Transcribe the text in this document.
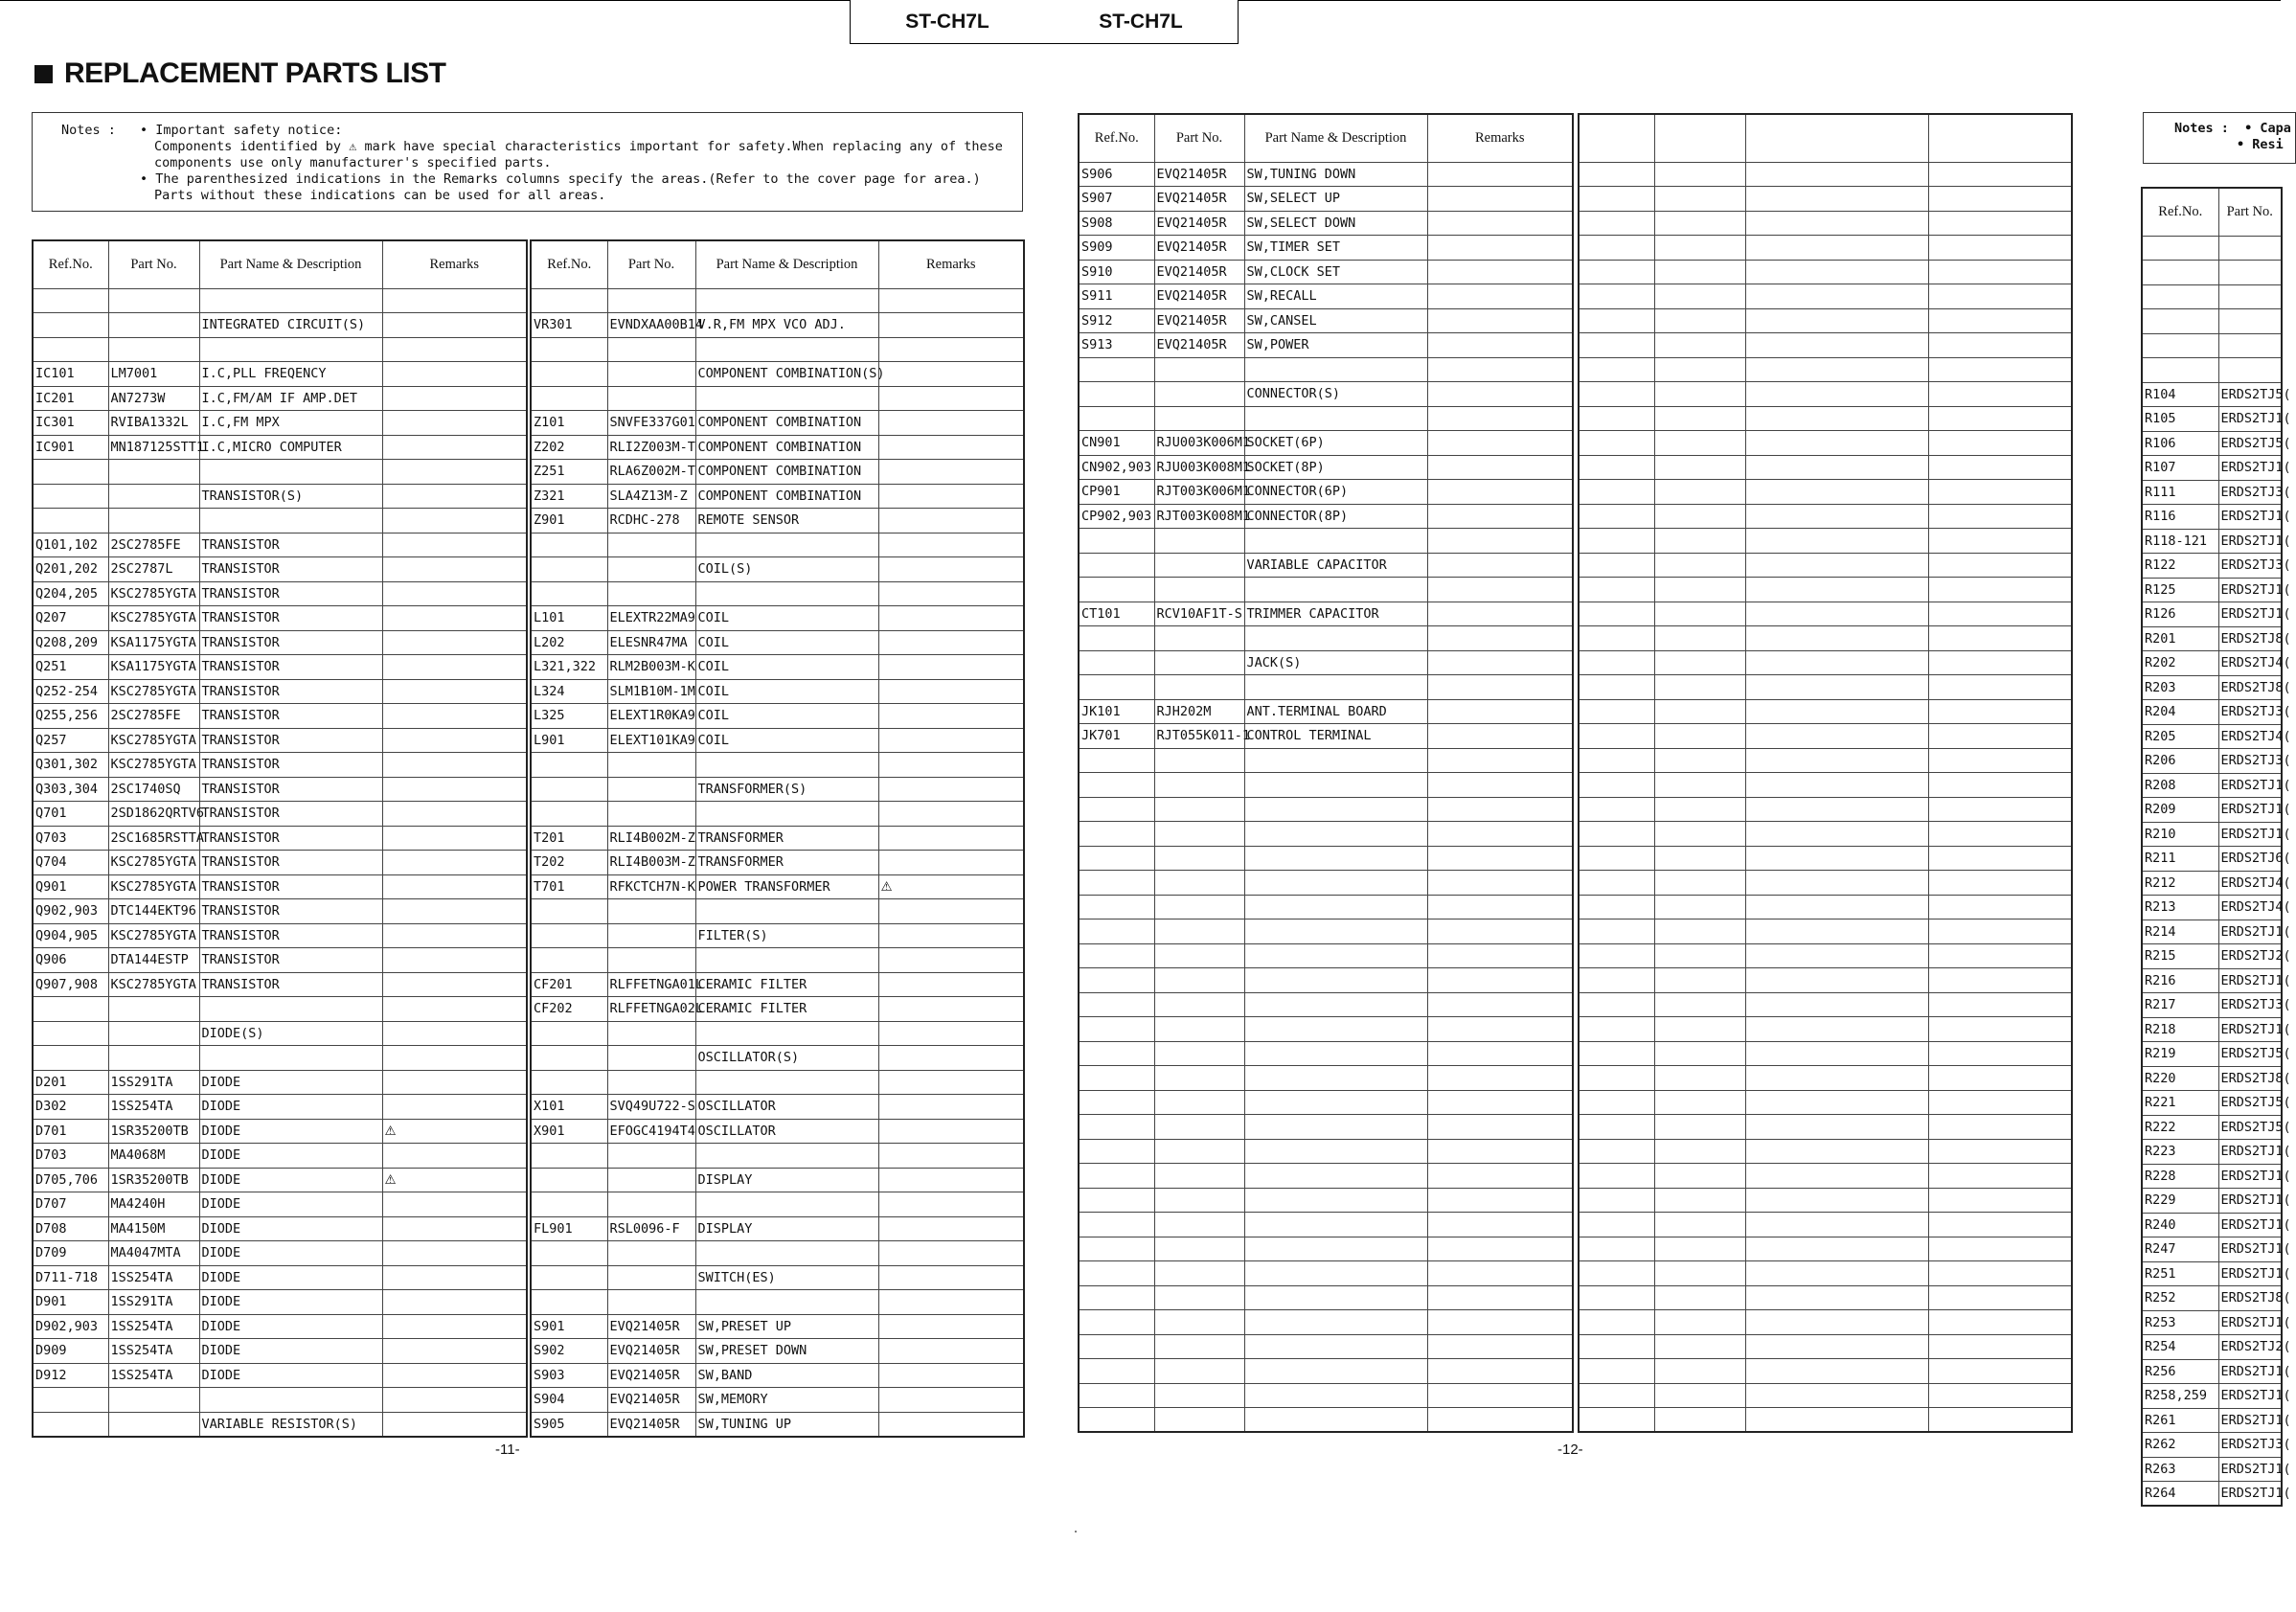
ST-CH7L	ST-CH7L
REPLACEMENT PARTS LIST
Notes : • Important safety notice:
Components identified by ⚠ mark have special characteristics important for safety.When replacing any of these
components use only manufacturer's specified parts.
• The parenthesized indications in the Remarks columns specify the areas.(Refer to the cover page for area.)
Parts without these indications can be used for all areas.
Notes : • Capa
• Resi
Ref.No.	Part No.	Part Name & Description	Remarks

		INTEGRATED CIRCUIT(S)	

IC101	LM7001	I.C,PLL FREQENCY	
IC201	AN7273W	I.C,FM/AM IF AMP.DET	
IC301	RVIBA1332L	I.C,FM MPX	
IC901	MN187125STT1	I.C,MICRO COMPUTER	

		TRANSISTOR(S)	

Q101,102	2SC2785FE	TRANSISTOR	
Q201,202	2SC2787L	TRANSISTOR	
Q204,205	KSC2785YGTA	TRANSISTOR	
Q207	KSC2785YGTA	TRANSISTOR	
Q208,209	KSA1175YGTA	TRANSISTOR	
Q251	KSA1175YGTA	TRANSISTOR	
Q252-254	KSC2785YGTA	TRANSISTOR	
Q255,256	2SC2785FE	TRANSISTOR	
Q257	KSC2785YGTA	TRANSISTOR	
Q301,302	KSC2785YGTA	TRANSISTOR	
Q303,304	2SC1740SQ	TRANSISTOR	
Q701	2SD1862QRTV6	TRANSISTOR	
Q703	2SC1685RSTTA	TRANSISTOR	
Q704	KSC2785YGTA	TRANSISTOR	
Q901	KSC2785YGTA	TRANSISTOR	
Q902,903	DTC144EKT96	TRANSISTOR	
Q904,905	KSC2785YGTA	TRANSISTOR	
Q906	DTA144ESTP	TRANSISTOR	
Q907,908	KSC2785YGTA	TRANSISTOR	

		DIODE(S)	

D201	1SS291TA	DIODE	
D302	1SS254TA	DIODE	
D701	1SR35200TB	DIODE	⚠
D703	MA4068M	DIODE	
D705,706	1SR35200TB	DIODE	⚠
D707	MA4240H	DIODE	
D708	MA4150M	DIODE	
D709	MA4047MTA	DIODE	
D711-718	1SS254TA	DIODE	
D901	1SS291TA	DIODE	
D902,903	1SS254TA	DIODE	
D909	1SS254TA	DIODE	
D912	1SS254TA	DIODE	

		VARIABLE RESISTOR(S)	
Ref.No.	Part No.	Part Name & Description	Remarks

VR301	EVNDXAA00B14	V.R,FM MPX VCO ADJ.	

		COMPONENT COMBINATION(S)	

Z101	SNVFE337G01	COMPONENT COMBINATION	
Z202	RLI2Z003M-T	COMPONENT COMBINATION	
Z251	RLA6Z002M-T	COMPONENT COMBINATION	
Z321	SLA4Z13M-Z	COMPONENT COMBINATION	
Z901	RCDHC-278	REMOTE SENSOR	

		COIL(S)	

L101	ELEXTR22MA9	COIL	
L202	ELESNR47MA	COIL	
L321,322	RLM2B003M-K	COIL	
L324	SLM1B10M-1M	COIL	
L325	ELEXT1R0KA9	COIL	
L901	ELEXT101KA9	COIL	

		TRANSFORMER(S)	

T201	RLI4B002M-Z	TRANSFORMER	
T202	RLI4B003M-Z	TRANSFORMER	
T701	RFKCTCH7N-K	POWER TRANSFORMER	⚠

		FILTER(S)	

CF201	RLFFETNGA01L	CERAMIC FILTER	
CF202	RLFFETNGA02L	CERAMIC FILTER	

		OSCILLATOR(S)	

X101	SVQ49U722-S	OSCILLATOR	
X901	EFOGC4194T4	OSCILLATOR	

		DISPLAY	

FL901	RSL0096-F	DISPLAY	

		SWITCH(ES)	

S901	EVQ21405R	SW,PRESET UP	
S902	EVQ21405R	SW,PRESET DOWN	
S903	EVQ21405R	SW,BAND	
S904	EVQ21405R	SW,MEMORY	
S905	EVQ21405R	SW,TUNING UP	
Ref.No.	Part No.	Part Name & Description	Remarks
S906	EVQ21405R	SW,TUNING DOWN	
S907	EVQ21405R	SW,SELECT UP	
S908	EVQ21405R	SW,SELECT DOWN	
S909	EVQ21405R	SW,TIMER SET	
S910	EVQ21405R	SW,CLOCK SET	
S911	EVQ21405R	SW,RECALL	
S912	EVQ21405R	SW,CANSEL	
S913	EVQ21405R	SW,POWER	

		CONNECTOR(S)	

CN901	RJU003K006M1	SOCKET(6P)	
CN902,903	RJU003K008M1	SOCKET(8P)	
CP901	RJT003K006M1	CONNECTOR(6P)	
CP902,903	RJT003K008M1	CONNECTOR(8P)	

		VARIABLE CAPACITOR	

CT101	RCV10AF1T-S	TRIMMER CAPACITOR	

		JACK(S)	

JK101	RJH202M	ANT.TERMINAL BOARD	
JK701	RJT055K011-1	CONTROL TERMINAL	

Ref.No.	Part No.

R104	ERDS2TJ5(
R105	ERDS2TJ1(
R106	ERDS2TJ5(
R107	ERDS2TJ1(
R111	ERDS2TJ3(
R116	ERDS2TJ1(
R118-121	ERDS2TJ1(
R122	ERDS2TJ3(
R125	ERDS2TJ1(
R126	ERDS2TJ1(
R201	ERDS2TJ8(
R202	ERDS2TJ4(
R203	ERDS2TJ8(
R204	ERDS2TJ3(
R205	ERDS2TJ4(
R206	ERDS2TJ3(
R208	ERDS2TJ1(
R209	ERDS2TJ1(
R210	ERDS2TJ1(
R211	ERDS2TJ6(
R212	ERDS2TJ4(
R213	ERDS2TJ4(
R214	ERDS2TJ1(
R215	ERDS2TJ2(
R216	ERDS2TJ1(
R217	ERDS2TJ3(
R218	ERDS2TJ1(
R219	ERDS2TJ5(
R220	ERDS2TJ8(
R221	ERDS2TJ5(
R222	ERDS2TJ5(
R223	ERDS2TJ1(
R228	ERDS2TJ1(
R229	ERDS2TJ1(
R240	ERDS2TJ1(
R247	ERDS2TJ1(
R251	ERDS2TJ1(
R252	ERDS2TJ8(
R253	ERDS2TJ1(
R254	ERDS2TJ2(
R256	ERDS2TJ1(
R258,259	ERDS2TJ1(
R261	ERDS2TJ1(
R262	ERDS2TJ3(
R263	ERDS2TJ1(
R264	ERDS2TJ1(
-11-	-12-
